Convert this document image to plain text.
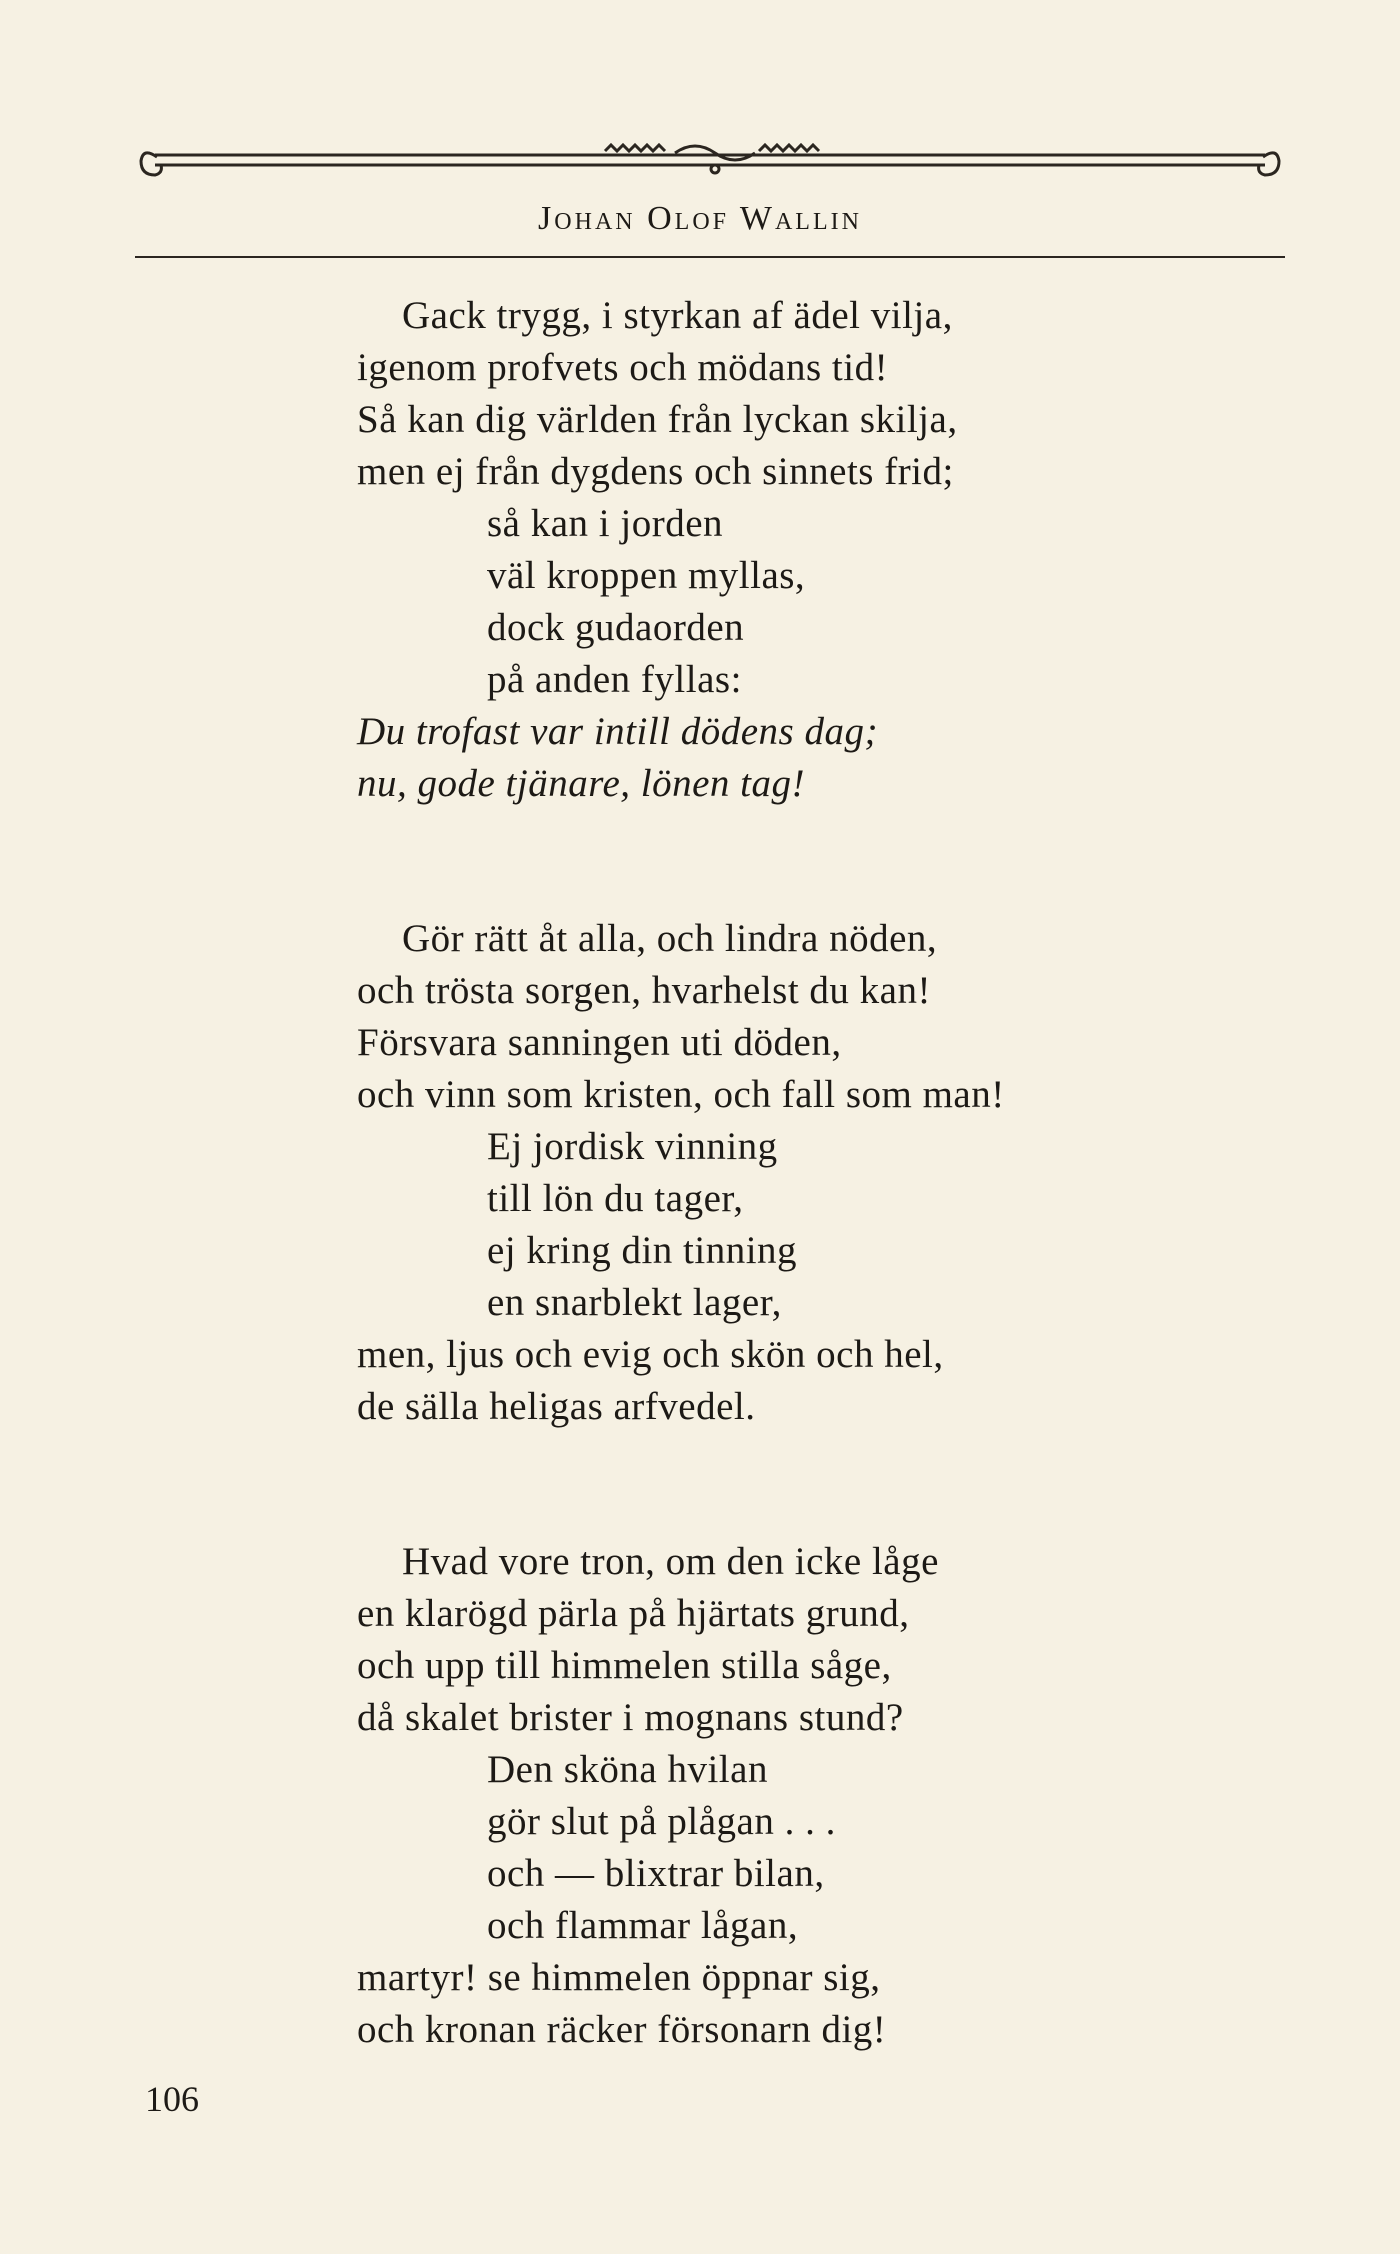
Johan Olof Wallin
Gack trygg, i styrkan af ädel vilja,
igenom profvets och mödans tid!
Så kan dig världen från lyckan skilja,
men ej från dygdens och sinnets frid;
så kan i jorden
väl kroppen myllas,
dock gudaorden
på anden fyllas:
Du trofast var intill dödens dag;
nu, gode tjänare, lönen tag!
Gör rätt åt alla, och lindra nöden,
och trösta sorgen, hvarhelst du kan!
Försvara sanningen uti döden,
och vinn som kristen, och fall som man!
Ej jordisk vinning
till lön du tager,
ej kring din tinning
en snarblekt lager,
men, ljus och evig och skön och hel,
de sälla heligas arfvedel.
Hvad vore tron, om den icke låge
en klarögd pärla på hjärtats grund,
och upp till himmelen stilla såge,
då skalet brister i mognans stund?
Den sköna hvilan
gör slut på plågan . . .
och — blixtrar bilan,
och flammar lågan,
martyr! se himmelen öppnar sig,
och kronan räcker försonarn dig!
106
